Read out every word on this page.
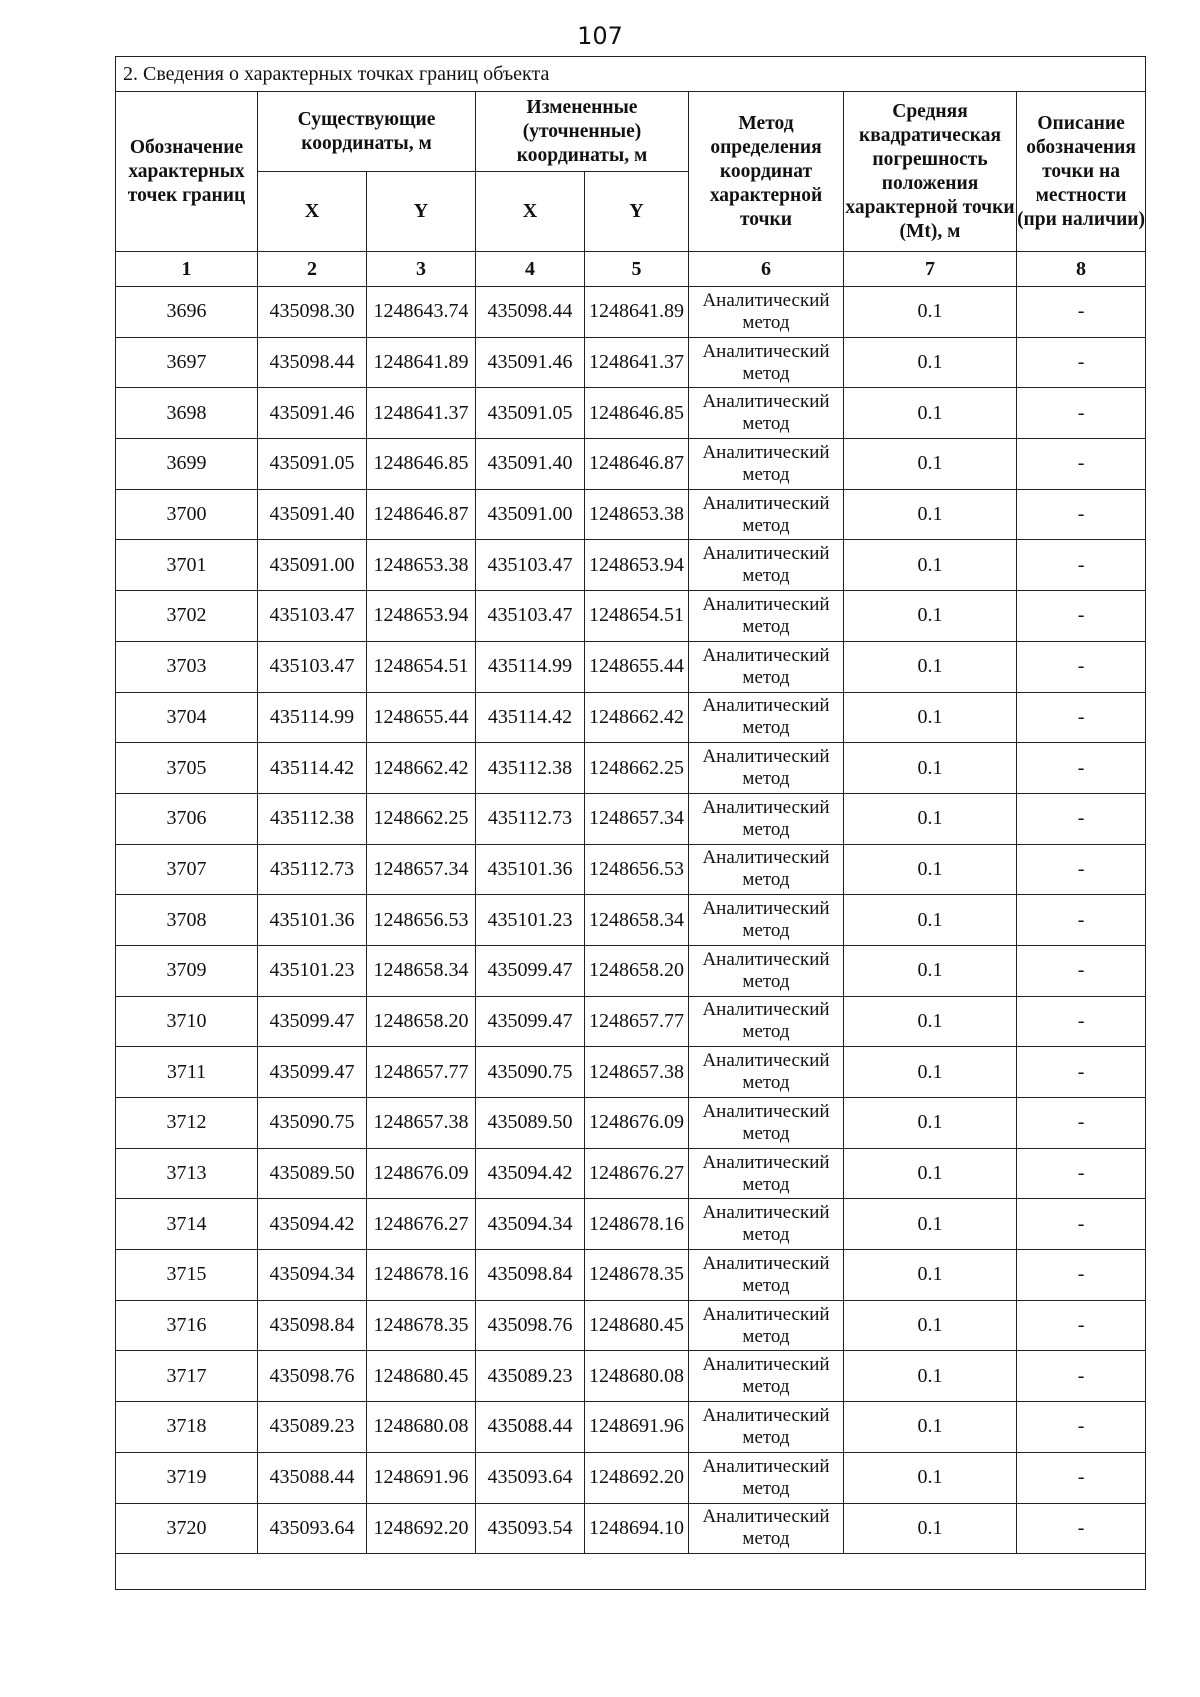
107
2. Сведения о характерных точках границ объекта							
Обозначение характерных точек границ	Существующие координаты, м		Измененные (уточненные) координаты, м		Метод определения координат характерной точки	Средняя квадратическая погрешность положения характерной точки (Mt), м	Описание обозначения точки на местности (при наличии)
	X	Y	X	Y			
1	2	3	4	5	6	7	8
3696	435098.30	1248643.74	435098.44	1248641.89	Аналитический метод	0.1	-
3697	435098.44	1248641.89	435091.46	1248641.37	Аналитический метод	0.1	-
3698	435091.46	1248641.37	435091.05	1248646.85	Аналитический метод	0.1	-
3699	435091.05	1248646.85	435091.40	1248646.87	Аналитический метод	0.1	-
3700	435091.40	1248646.87	435091.00	1248653.38	Аналитический метод	0.1	-
3701	435091.00	1248653.38	435103.47	1248653.94	Аналитический метод	0.1	-
3702	435103.47	1248653.94	435103.47	1248654.51	Аналитический метод	0.1	-
3703	435103.47	1248654.51	435114.99	1248655.44	Аналитический метод	0.1	-
3704	435114.99	1248655.44	435114.42	1248662.42	Аналитический метод	0.1	-
3705	435114.42	1248662.42	435112.38	1248662.25	Аналитический метод	0.1	-
3706	435112.38	1248662.25	435112.73	1248657.34	Аналитический метод	0.1	-
3707	435112.73	1248657.34	435101.36	1248656.53	Аналитический метод	0.1	-
3708	435101.36	1248656.53	435101.23	1248658.34	Аналитический метод	0.1	-
3709	435101.23	1248658.34	435099.47	1248658.20	Аналитический метод	0.1	-
3710	435099.47	1248658.20	435099.47	1248657.77	Аналитический метод	0.1	-
3711	435099.47	1248657.77	435090.75	1248657.38	Аналитический метод	0.1	-
3712	435090.75	1248657.38	435089.50	1248676.09	Аналитический метод	0.1	-
3713	435089.50	1248676.09	435094.42	1248676.27	Аналитический метод	0.1	-
3714	435094.42	1248676.27	435094.34	1248678.16	Аналитический метод	0.1	-
3715	435094.34	1248678.16	435098.84	1248678.35	Аналитический метод	0.1	-
3716	435098.84	1248678.35	435098.76	1248680.45	Аналитический метод	0.1	-
3717	435098.76	1248680.45	435089.23	1248680.08	Аналитический метод	0.1	-
3718	435089.23	1248680.08	435088.44	1248691.96	Аналитический метод	0.1	-
3719	435088.44	1248691.96	435093.64	1248692.20	Аналитический метод	0.1	-
3720	435093.64	1248692.20	435093.54	1248694.10	Аналитический метод	0.1	-
